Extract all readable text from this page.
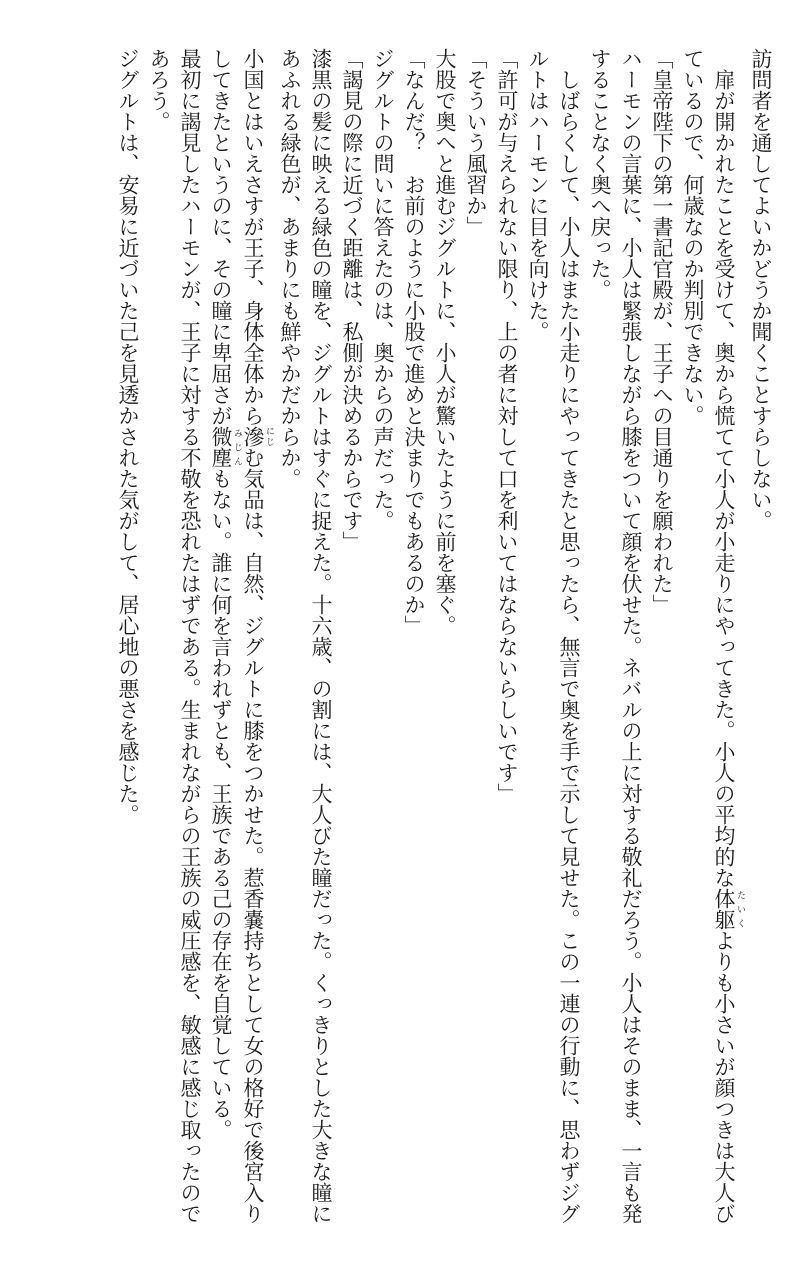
訪問者を通してよいかどうか聞くことすらしない。

扉が開かれたことを受けて、奥から慌てて小人が小走りにやってきた。小人の平均的な体躯 たいくよりも小さいが顔つきは大人びているので、何歳なのか判別できない。

「皇帝陛下の第一書記官殿が、王子への目通りを願われた」

ハーモンの言葉に、小人は緊張しながら膝をついて顔を伏せた。ネバルの上に対する敬礼だろう。小人はそのまま、一言も発することなく奥へ戻った。

しばらくして、小人はまた小走りにやってきたと思ったら、無言で奥を手で示して見せた。この一連の行動に、思わずジグルトはハーモンに目を向けた。

「許可が与えられない限り、上の者に対して口を利いてはならないらしいです」

「そういう風習か」

大股で奥へと進むジグルトに、小人が驚いたように前を塞ぐ。

「なんだ？　お前のように小股で進めと決まりでもあるのか」

ジグルトの問いに答えたのは、奥からの声だった。

「謁見の際に近づく距離は、私側が決めるからです」

漆黒の髪に映える緑色の瞳を、ジグルトはすぐに捉えた。十六歳、の割には、大人びた瞳だった。くっきりとした大きな瞳にあふれる緑色が、あまりにも鮮やかだからか。

小国とはいえさすが王子、身体全体から滲 にじむ気品は、自然、ジグルトに膝をつかせた。惹香嚢持ちとして女の格好で後宮入りしてきたというのに、その瞳に卑屈さが微塵 みじんもない。誰に何を言われずとも、王族である己の存在を自覚している。

最初に謁見したハーモンが、王子に対する不敬を恐れたはずである。生まれながらの王族の威圧感を、敏感に感じ取ったのであろう。

ジグルトは、安易に近づいた己を見透かされた気がして、居心地の悪さを感じた。
